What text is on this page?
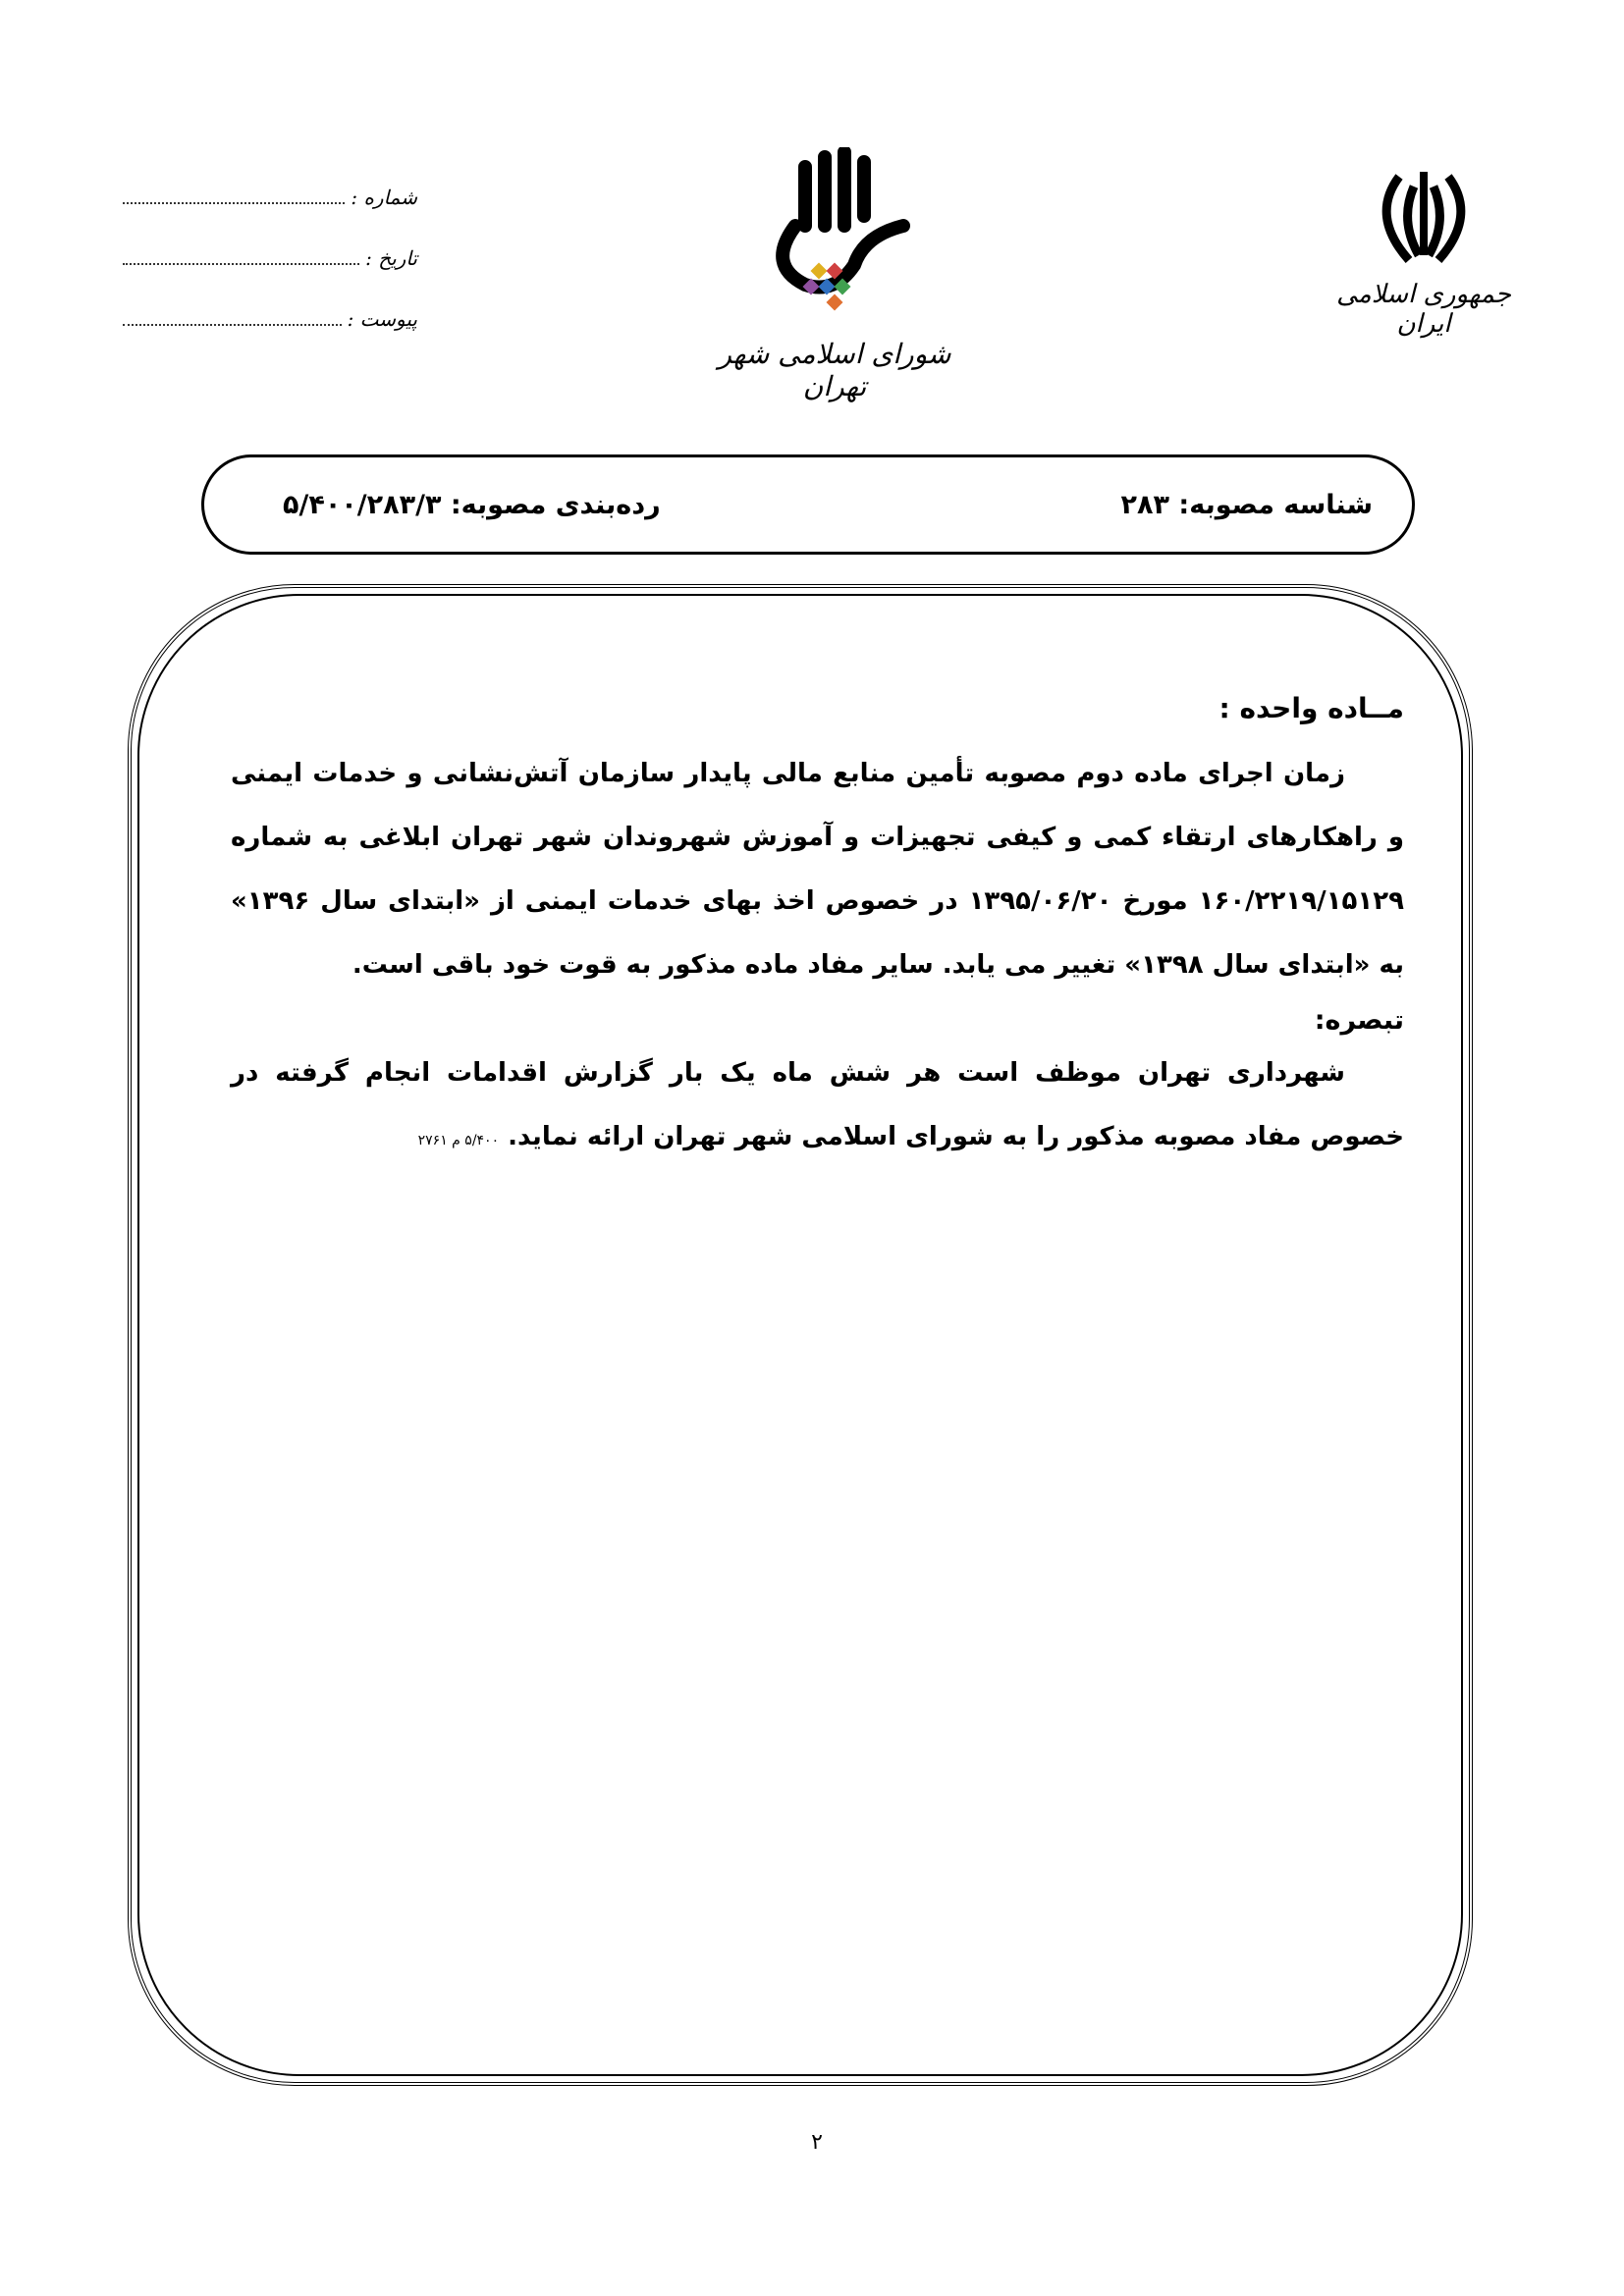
شماره :
تاریخ :
پیوست :
شورای اسلامی شهر تهران
جمهوری اسلامی ایران
شناسه مصوبه: ۲۸۳
رده‌بندی مصوبه: ۵/۴۰۰/۲۸۳/۳
مــاده واحده :
زمان اجرای ماده دوم مصوبه تأمین منابع مالی پایدار سازمان آتش‌نشانی و خدمات ایمنی و راهکارهای ارتقاء کمی و کیفی تجهیزات و آموزش شهروندان شهر تهران ابلاغی به شماره ۱۶۰/۲۲۱۹/۱۵۱۲۹ مورخ ۱۳۹۵/۰۶/۲۰ در خصوص اخذ بهای خدمات ایمنی از «ابتدای سال ۱۳۹۶» به «ابتدای سال ۱۳۹۸» تغییر می یابد. سایر مفاد ماده مذکور به قوت خود باقی است.
تبصره:
شهرداری تهران موظف است هر شش ماه یک بار گزارش اقدامات انجام گرفته در خصوص مفاد مصوبه مذکور را به شورای اسلامی شهر تهران ارائه نماید. ۵/۴۰۰ م ۲۷۶۱
۲
